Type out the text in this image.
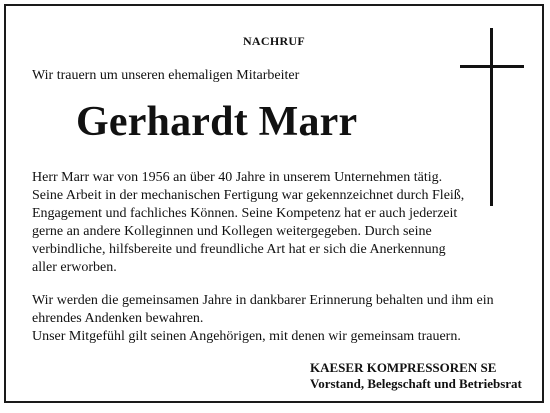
NACHRUF
Wir trauern um unseren ehemaligen Mitarbeiter
Gerhardt Marr
Herr Marr war von 1956 an über 40 Jahre in unserem Unternehmen tätig.
Seine Arbeit in der mechanischen Fertigung war gekennzeichnet durch Fleiß,
Engagement und fachliches Können. Seine Kompetenz hat er auch jederzeit
gerne an andere Kolleginnen und Kollegen weitergegeben. Durch seine
verbindliche, hilfsbereite und freundliche Art hat er sich die Anerkennung
aller erworben.
Wir werden die gemeinsamen Jahre in dankbarer Erinnerung behalten und ihm ein
ehrendes Andenken bewahren.
Unser Mitgefühl gilt seinen Angehörigen, mit denen wir gemeinsam trauern.
KAESER KOMPRESSOREN SE
Vorstand, Belegschaft und Betriebsrat
